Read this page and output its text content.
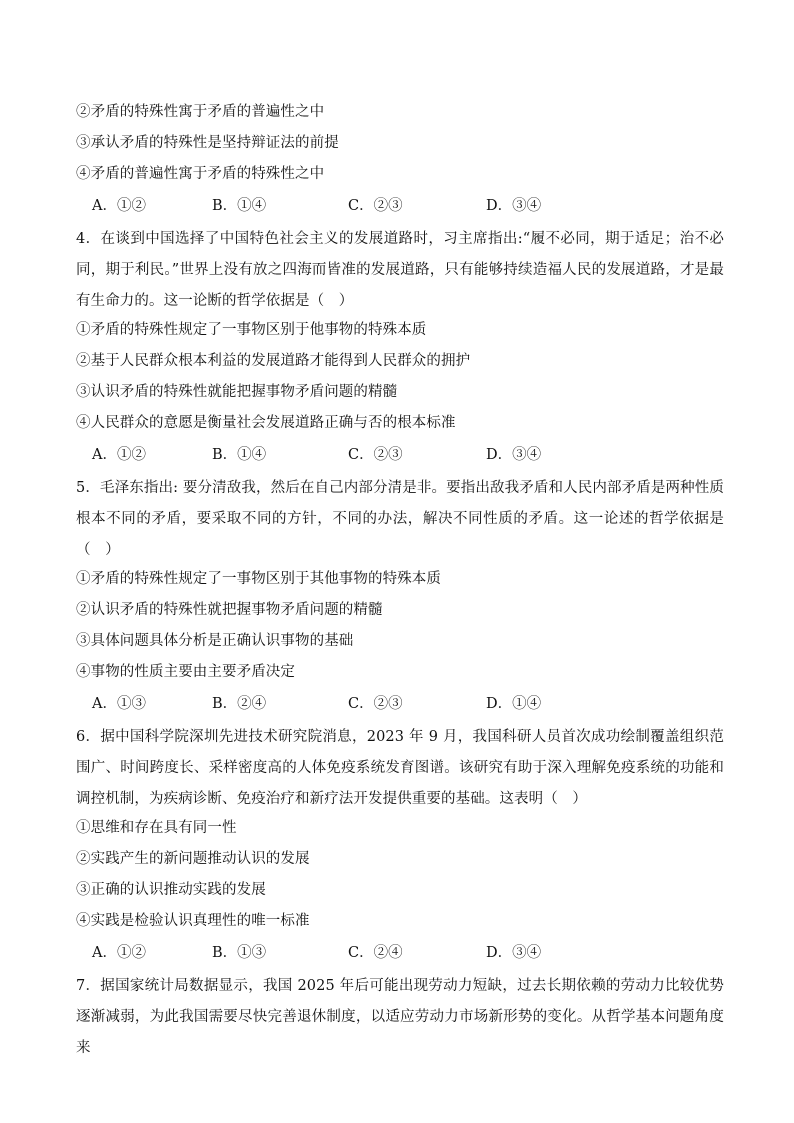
②矛盾的特殊性寓于矛盾的普遍性之中
③承认矛盾的特殊性是坚持辩证法的前提
④矛盾的普遍性寓于矛盾的特殊性之中
A．①②	B．①④	C．②③	D．③④
4．在谈到中国选择了中国特色社会主义的发展道路时，习主席指出:“履不必同，期于适足；治不必同，期于利民。”世界上没有放之四海而皆准的发展道路，只有能够持续造福人民的发展道路，才是最有生命力的。这一论断的哲学依据是（　）
①矛盾的特殊性规定了一事物区别于他事物的特殊本质
②基于人民群众根本利益的发展道路才能得到人民群众的拥护
③认识矛盾的特殊性就能把握事物矛盾问题的精髓
④人民群众的意愿是衡量社会发展道路正确与否的根本标准
A．①②	B．①④	C．②③	D．③④
5．毛泽东指出: 要分清敌我，然后在自己内部分清是非。要指出敌我矛盾和人民内部矛盾是两种性质根本不同的矛盾，要采取不同的方针，不同的办法，解决不同性质的矛盾。这一论述的哲学依据是（　）
①矛盾的特殊性规定了一事物区别于其他事物的特殊本质
②认识矛盾的特殊性就把握事物矛盾问题的精髓
③具体问题具体分析是正确认识事物的基础
④事物的性质主要由主要矛盾决定
A．①③	B．②④	C．②③	D．①④
6．据中国科学院深圳先进技术研究院消息，2023 年 9 月，我国科研人员首次成功绘制覆盖组织范围广、时间跨度长、采样密度高的人体免疫系统发育图谱。该研究有助于深入理解免疫系统的功能和调控机制，为疾病诊断、免疫治疗和新疗法开发提供重要的基础。这表明（　）
①思维和存在具有同一性
②实践产生的新问题推动认识的发展
③正确的认识推动实践的发展
④实践是检验认识真理性的唯一标准
A．①②	B．①③	C．②④	D．③④
7．据国家统计局数据显示，我国 2025 年后可能出现劳动力短缺，过去长期依赖的劳动力比较优势逐渐减弱，为此我国需要尽快完善退休制度，以适应劳动力市场新形势的变化。从哲学基本问题角度来
